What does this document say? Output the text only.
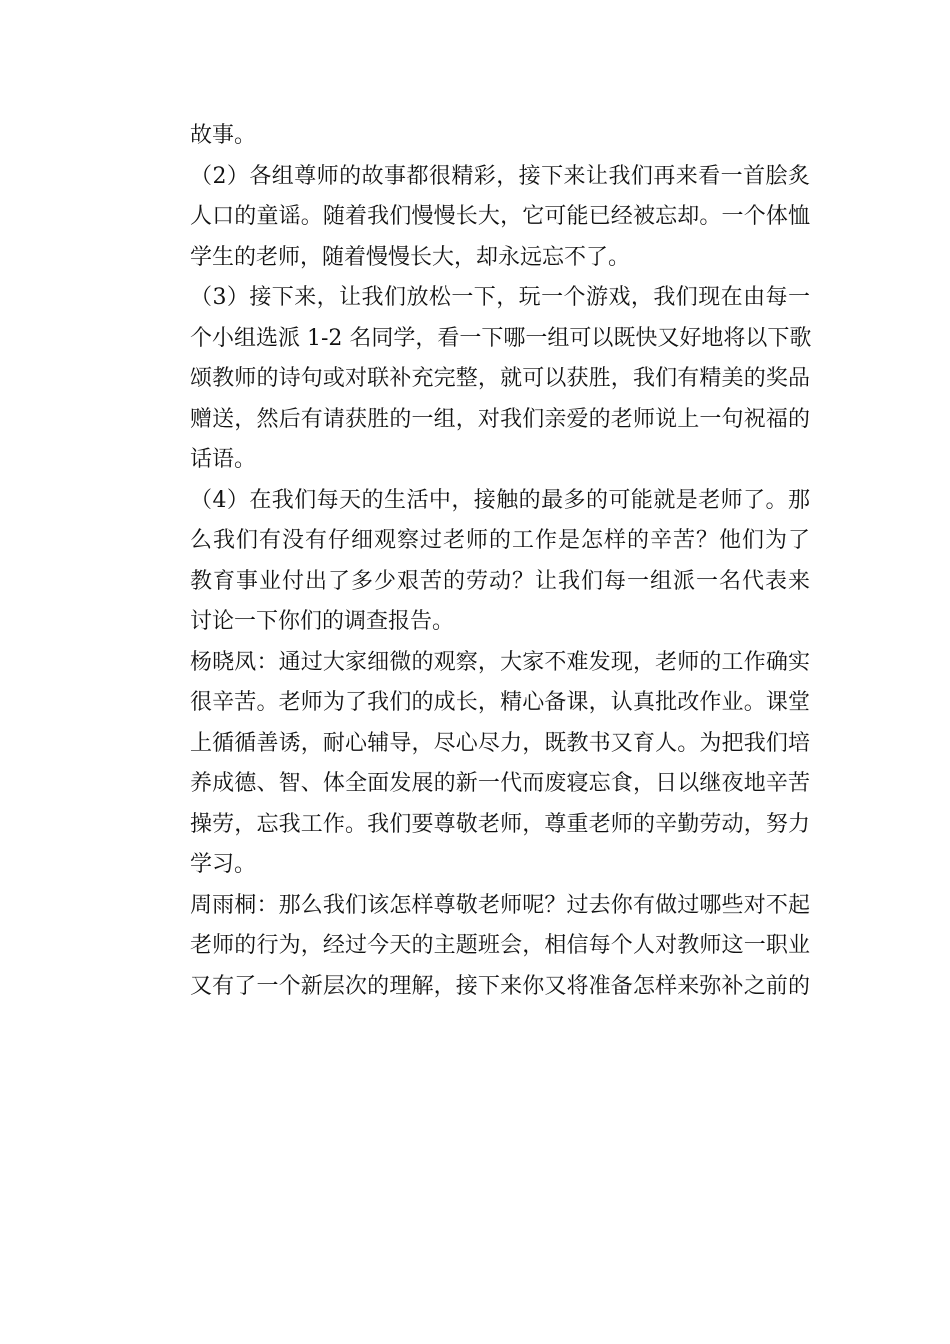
故事。

（2）各组尊师的故事都很精彩，接下来让我们再来看一首脍炙
人口的童谣。随着我们慢慢长大，它可能已经被忘却。一个体恤
学生的老师，随着慢慢长大，却永远忘不了。

（3）接下来，让我们放松一下，玩一个游戏，我们现在由每一
个小组选派 1-2 名同学，看一下哪一组可以既快又好地将以下歌
颂教师的诗句或对联补充完整，就可以获胜，我们有精美的奖品
赠送，然后有请获胜的一组，对我们亲爱的老师说上一句祝福的
话语。

（4）在我们每天的生活中，接触的最多的可能就是老师了。那
么我们有没有仔细观察过老师的工作是怎样的辛苦？他们为了
教育事业付出了多少艰苦的劳动？让我们每一组派一名代表来
讨论一下你们的调查报告。

杨晓凤：通过大家细微的观察，大家不难发现，老师的工作确实
很辛苦。老师为了我们的成长，精心备课，认真批改作业。课堂
上循循善诱，耐心辅导，尽心尽力，既教书又育人。为把我们培
养成德、智、体全面发展的新一代而废寝忘食，日以继夜地辛苦
操劳，忘我工作。我们要尊敬老师，尊重老师的辛勤劳动，努力
学习。

周雨桐：那么我们该怎样尊敬老师呢？过去你有做过哪些对不起
老师的行为，经过今天的主题班会，相信每个人对教师这一职业
又有了一个新层次的理解，接下来你又将准备怎样来弥补之前的
